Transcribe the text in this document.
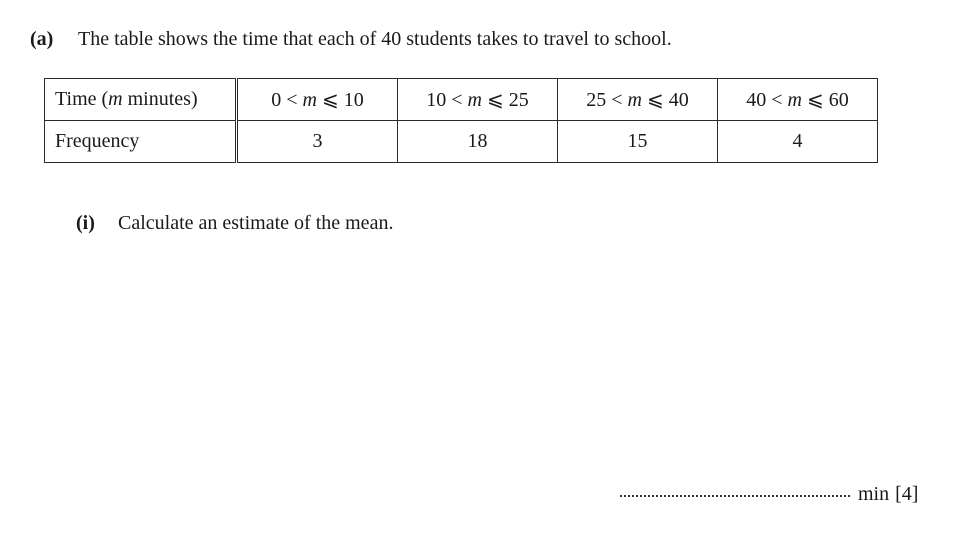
(a) The table shows the time that each of 40 students takes to travel to school.
Time (m minutes)	0 < m ⩽ 10	10 < m ⩽ 25	25 < m ⩽ 40	40 < m ⩽ 60
Frequency	3	18	15	4
(i) Calculate an estimate of the mean.
min [4]
